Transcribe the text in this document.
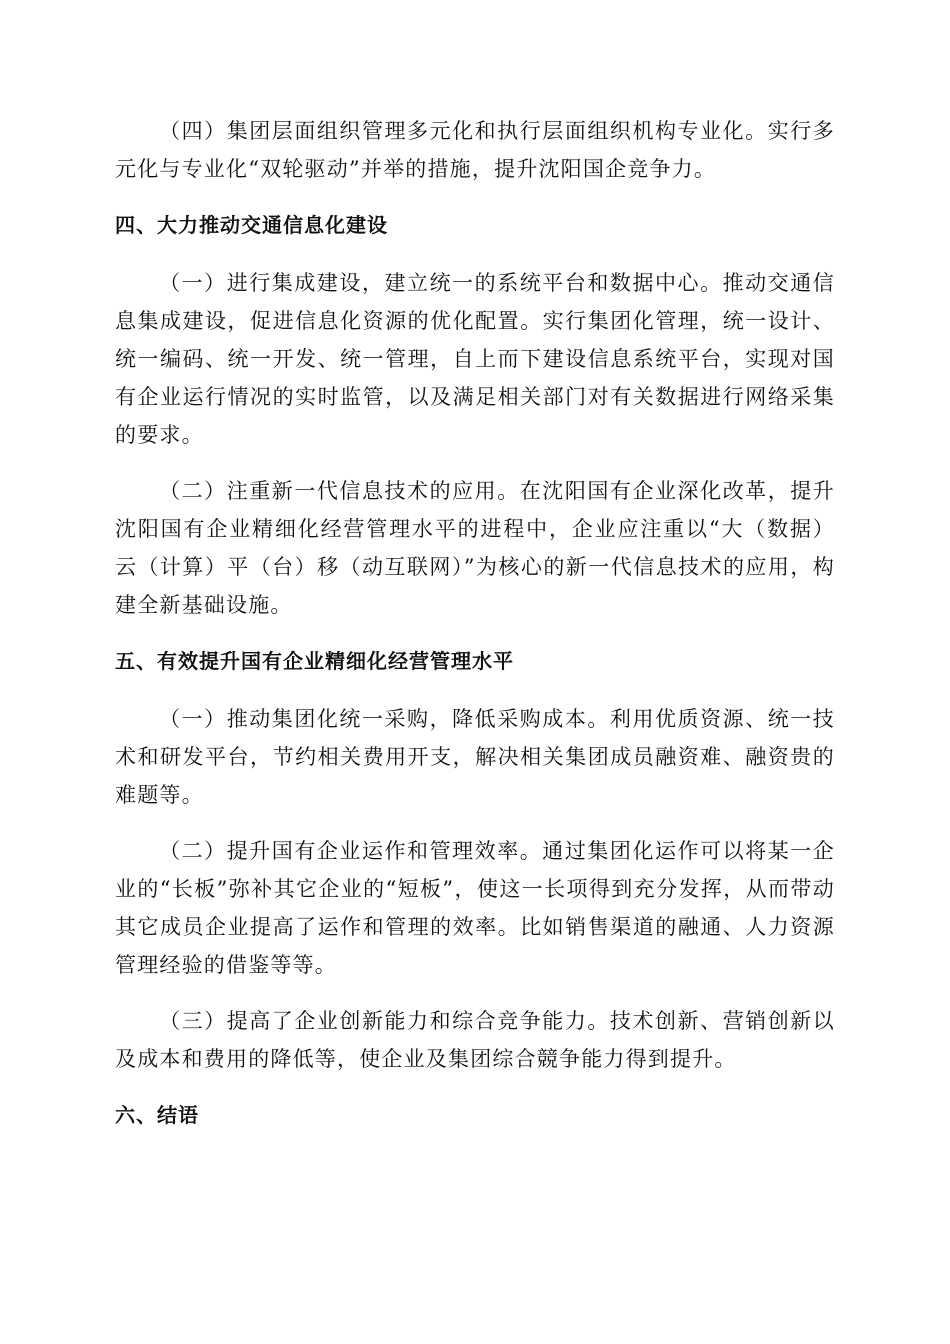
（四）集团层面组织管理多元化和执行层面组织机构专业化。实行多元化与专业化“双轮驱动”并举的措施，提升沈阳国企竞争力。

四、大力推动交通信息化建设

（一）进行集成建设，建立统一的系统平台和数据中心。推动交通信息集成建设，促进信息化资源的优化配置。实行集团化管理，统一设计、统一编码、统一开发、统一管理，自上而下建设信息系统平台，实现对国有企业运行情况的实时监管，以及满足相关部门对有关数据进行网络采集的要求。

（二）注重新一代信息技术的应用。在沈阳国有企业深化改革，提升沈阳国有企业精细化经营管理水平的进程中，企业应注重以“大（数据）云（计算）平（台）移（动互联网）”为核心的新一代信息技术的应用，构建全新基础设施。

五、有效提升国有企业精细化经营管理水平

（一）推动集团化统一采购，降低采购成本。利用优质资源、统一技术和研发平台，节约相关费用开支，解决相关集团成员融资难、融资贵的难题等。

（二）提升国有企业运作和管理效率。通过集团化运作可以将某一企业的“长板”弥补其它企业的“短板”，使这一长项得到充分发挥，从而带动其它成员企业提高了运作和管理的效率。比如销售渠道的融通、人力资源管理经验的借鉴等等。

（三）提高了企业创新能力和综合竞争能力。技术创新、营销创新以及成本和费用的降低等，使企业及集团综合競争能力得到提升。

六、结语
